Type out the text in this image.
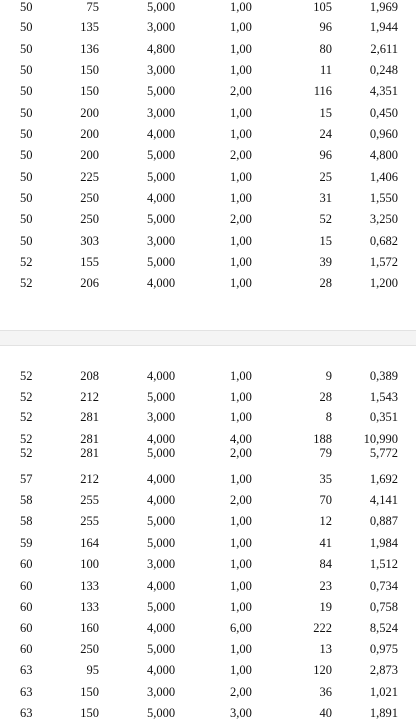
50	75	5,000	1,00	105	1,969
50	135	3,000	1,00	96	1,944
50	136	4,800	1,00	80	2,611
50	150	3,000	1,00	11	0,248
50	150	5,000	2,00	116	4,351
50	200	3,000	1,00	15	0,450
50	200	4,000	1,00	24	0,960
50	200	5,000	2,00	96	4,800
50	225	5,000	1,00	25	1,406
50	250	4,000	1,00	31	1,550
50	250	5,000	2,00	52	3,250
50	303	3,000	1,00	15	0,682
52	155	5,000	1,00	39	1,572
52	206	4,000	1,00	28	1,200
52	208	4,000	1,00	9	0,389
52	212	5,000	1,00	28	1,543
52	281	3,000	1,00	8	0,351
52	281	4,000	4,00	188	10,990
52	281	5,000	2,00	79	5,772
57	212	4,000	1,00	35	1,692
58	255	4,000	2,00	70	4,141
58	255	5,000	1,00	12	0,887
59	164	5,000	1,00	41	1,984
60	100	3,000	1,00	84	1,512
60	133	4,000	1,00	23	0,734
60	133	5,000	1,00	19	0,758
60	160	4,000	6,00	222	8,524
60	250	5,000	1,00	13	0,975
63	95	4,000	1,00	120	2,873
63	150	3,000	2,00	36	1,021
63	150	5,000	3,00	40	1,891
